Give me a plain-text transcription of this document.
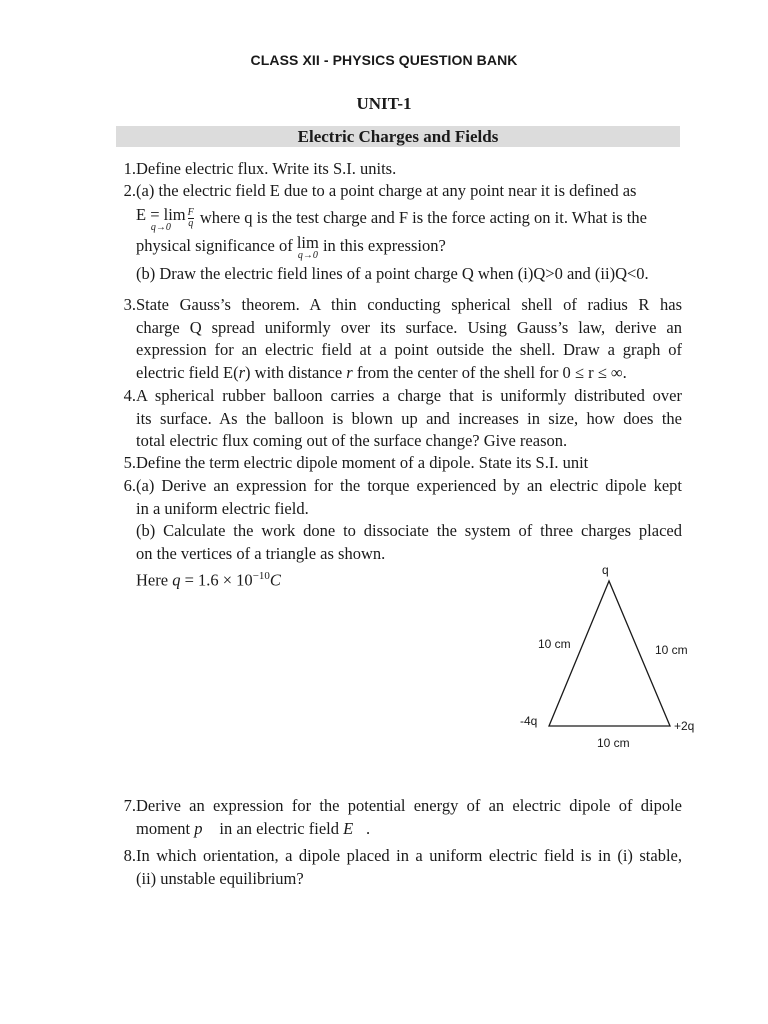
CLASS XII - PHYSICS QUESTION BANK
UNIT-1
Electric Charges and Fields
1. Define electric flux. Write its S.I. units.
2. (a) the electric field E due to a point charge at any point near it is defined as
E = lim
q→0	$\frac{F}{q}$ where q is the test charge and F is the force acting on it. What is the
physical significance of lim
q→0
in this expression?
(b) Draw the electric field lines of a point charge Q when (i)Q>0 and (ii)Q<0.
3. State Gauss’s theorem. A thin conducting spherical shell of radius R has
charge Q spread uniformly over its surface. Using Gauss’s law, derive an
expression for an electric field at a point outside the shell. Draw a graph of
electric field E(r) with distance r from the center of the shell for 0 ≤ r ≤ ∞.
4. A spherical rubber balloon carries a charge that is uniformly distributed over
its surface. As the balloon is blown up and increases in size, how does the
total electric flux coming out of the surface change? Give reason.
5. Define the term electric dipole moment of a dipole. State its S.I. unit
6. (a) Derive an expression for the torque experienced by an electric dipole kept
in a uniform electric field.
(b) Calculate the work done to dissociate the system of three charges placed
on the vertices of a triangle as shown.
Here $q = 1.6 \times 10^{-10}C$
q
-4q	+2q
10 cm	10 cm
10 cm
7. Derive an expression for the potential energy of an electric dipole of dipole
moment p⃗ in an electric field E⃗.
8. In which orientation, a dipole placed in a uniform electric field is in (i) stable,
(ii) unstable equilibrium?
